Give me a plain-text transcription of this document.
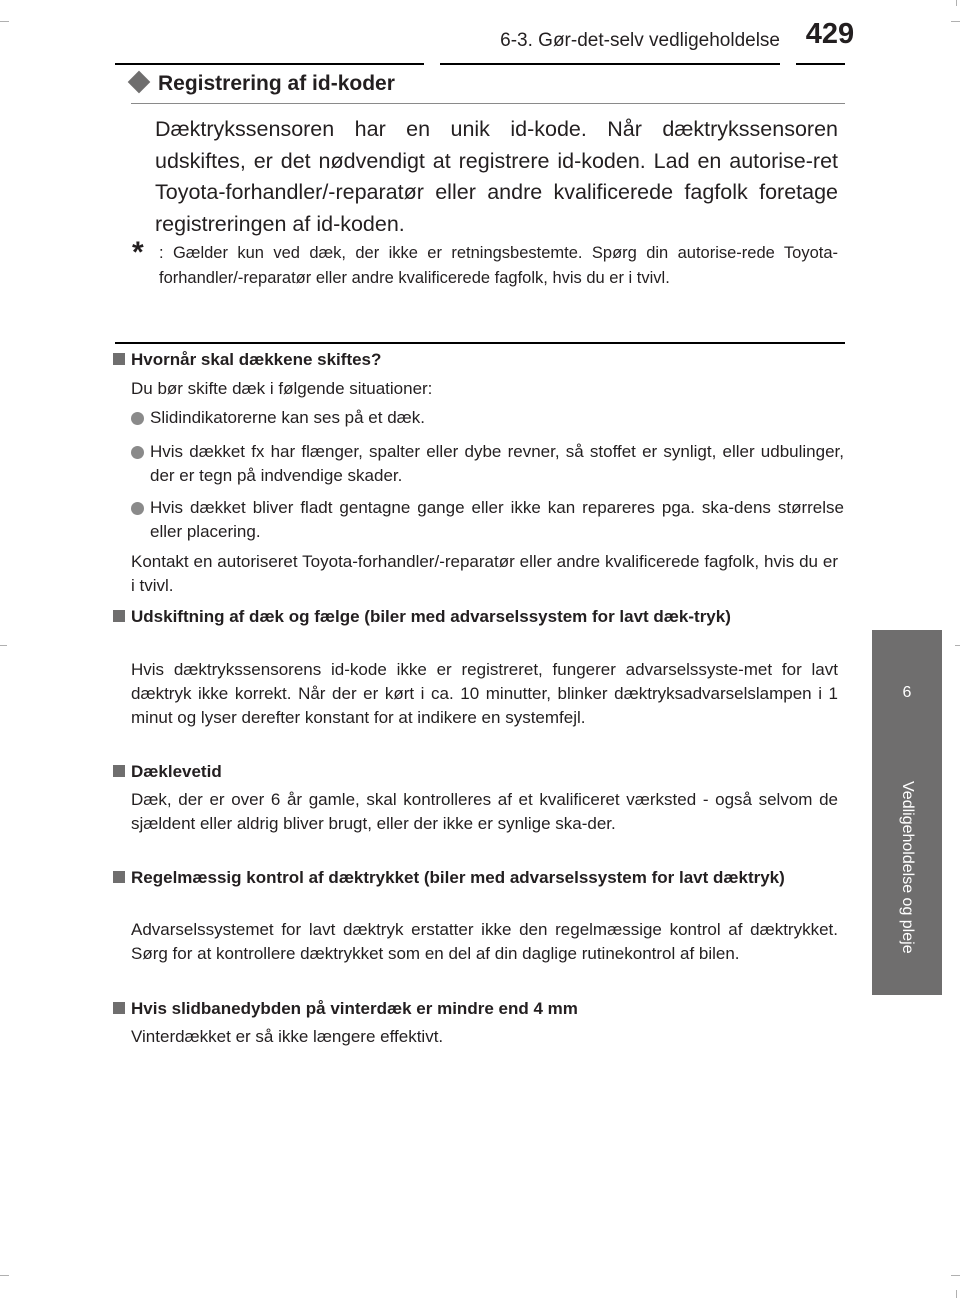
6-3. Gør-det-selv vedligeholdelse 429
6
Vedligeholdelse og pleje
Registrering af id-koder
Dæktrykssensoren har en unik id-kode. Når dæktrykssensoren udskiftes, er det nødvendigt at registrere id-koden. Lad en autorise-ret Toyota-forhandler/-reparatør eller andre kvalificerede fagfolk foretage registreringen af id-koden.
* : Gælder kun ved dæk, der ikke er retningsbestemte. Spørg din autorise-rede Toyota-forhandler/-reparatør eller andre kvalificerede fagfolk, hvis du er i tvivl.
Hvornår skal dækkene skiftes?
Du bør skifte dæk i følgende situationer:
Slidindikatorerne kan ses på et dæk.
Hvis dækket fx har flænger, spalter eller dybe revner, så stoffet er synligt, eller udbulinger, der er tegn på indvendige skader.
Hvis dækket bliver fladt gentagne gange eller ikke kan repareres pga. ska-dens størrelse eller placering.
Kontakt en autoriseret Toyota-forhandler/-reparatør eller andre kvalificerede fagfolk, hvis du er i tvivl.
Udskiftning af dæk og fælge (biler med advarselssystem for lavt dæk-tryk)
Hvis dæktrykssensorens id-kode ikke er registreret, fungerer advarselssyste-met for lavt dæktryk ikke korrekt. Når der er kørt i ca. 10 minutter, blinker dæktryksadvarselslampen i 1 minut og lyser derefter konstant for at indikere en systemfejl.
Dæklevetid
Dæk, der er over 6 år gamle, skal kontrolleres af et kvalificeret værksted - også selvom de sjældent eller aldrig bliver brugt, eller der ikke er synlige ska-der.
Regelmæssig kontrol af dæktrykket (biler med advarselssystem for lavt dæktryk)
Advarselssystemet for lavt dæktryk erstatter ikke den regelmæssige kontrol af dæktrykket. Sørg for at kontrollere dæktrykket som en del af din daglige rutinekontrol af bilen.
Hvis slidbanedybden på vinterdæk er mindre end 4 mm
Vinterdækket er så ikke længere effektivt.
